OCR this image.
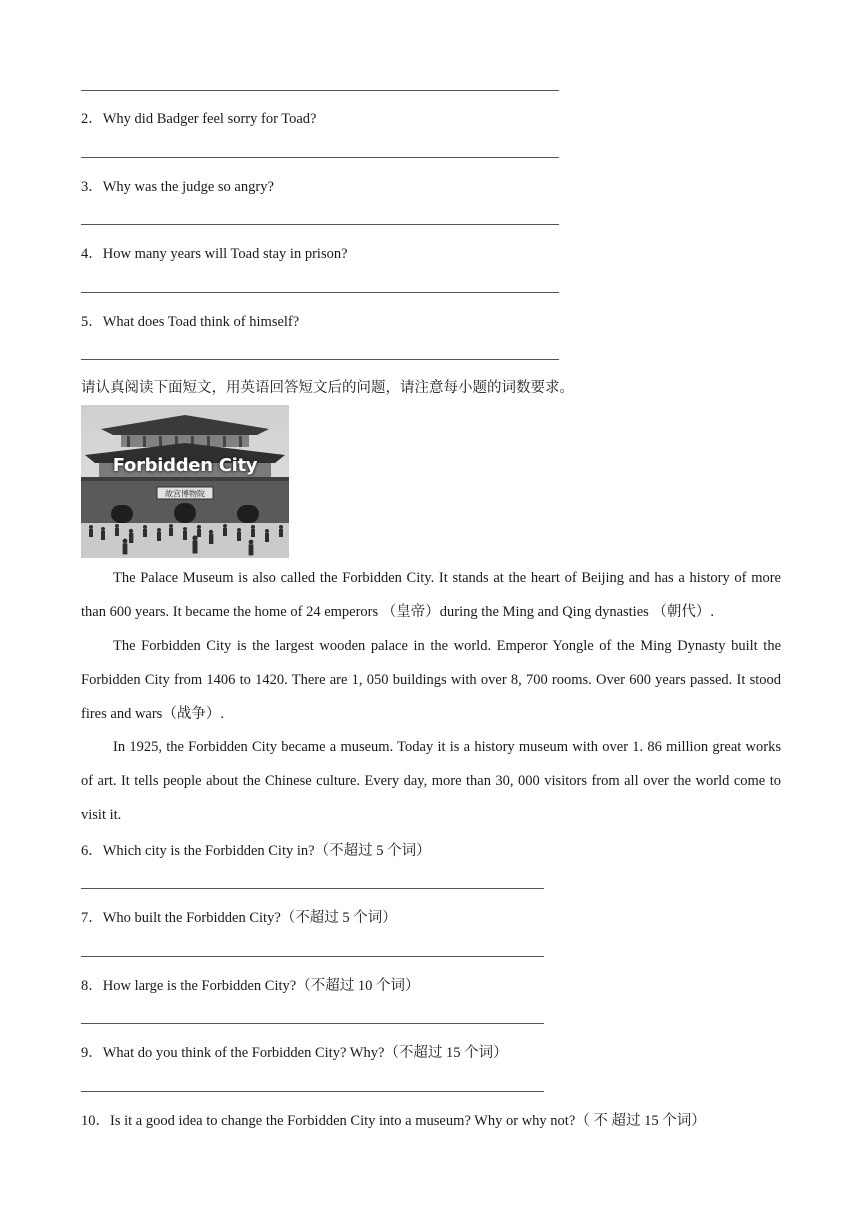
2．Why did Badger feel sorry for Toad?
3．Why was the judge so angry?
4．How many years will Toad stay in prison?
5．What does Toad think of himself?
请认真阅读下面短文，用英语回答短文后的问题，请注意每小题的词数要求。
故宫博物院
Forbidden City
The Palace Museum is also called the Forbidden City. It stands at the heart of Beijing and has a history of more than 600 years. It became the home of 24 emperors （皇帝）during the Ming and Qing dynasties （朝代）.
The Forbidden City is the largest wooden palace in the world. Emperor Yongle of the Ming Dynasty built the Forbidden City from 1406 to 1420. There are 1, 050 buildings with over 8, 700 rooms. Over 600 years passed. It stood fires and wars（战争）.
In 1925, the Forbidden City became a museum. Today it is a history museum with over 1. 86 million great works of art. It tells people about the Chinese culture. Every day, more than 30, 000 visitors from all over the world come to visit it.
6．Which city is the Forbidden City in?（不超过 5 个词）
7．Who built the Forbidden City?（不超过 5 个词）
8．How large is the Forbidden City?（不超过 10 个词）
9．What do you think of the Forbidden City? Why?（不超过 15 个词）
10．Is it a good idea to change the Forbidden City into a museum? Why or why not?（ 不 超过 15 个词）
